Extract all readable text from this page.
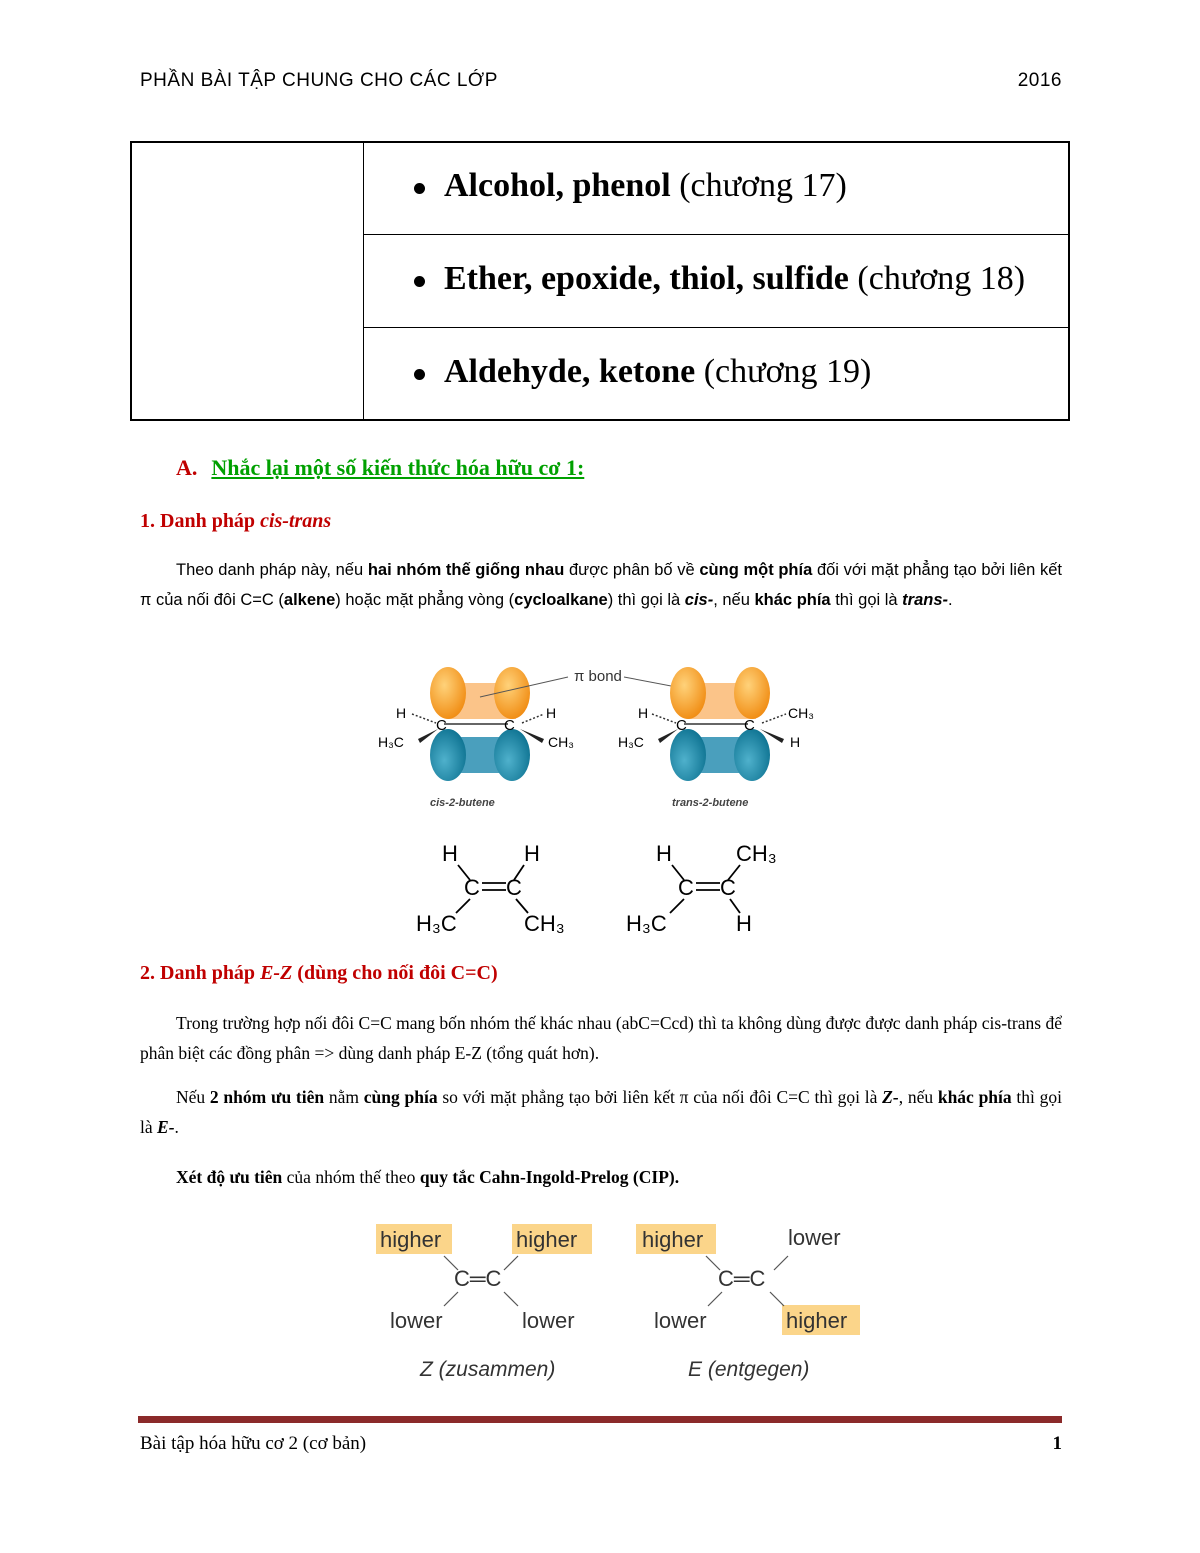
PHẦN BÀI TẬP CHUNG CHO CÁC LỚP	2016
Alcohol, phenol (chương 17)
Ether, epoxide, thiol, sulfide (chương 18)
Aldehyde, ketone (chương 19)
A. Nhắc lại một số kiến thức hóa hữu cơ 1:
1. Danh pháp cis-trans
Theo danh pháp này, nếu hai nhóm thế giống nhau được phân bố về cùng một phía đối với mặt phẳng tạo bởi liên kết π của nối đôi C=C (alkene) hoặc mặt phẳng vòng (cycloalkane) thì gọi là cis-, nếu khác phía thì gọi là trans-.
C	C
H	H
H₃C	CH₃
cis-2-butene
π bond
C	C
H	CH₃
H₃C	H
trans-2-butene
H	H
C C
H₃C	CH₃
H	CH₃
C C
H₃C	H
2. Danh pháp E-Z (dùng cho nối đôi C=C)
Trong trường hợp nối đôi C=C mang bốn nhóm thế khác nhau (abC=Ccd) thì ta không dùng được được danh pháp cis-trans để phân biệt các đồng phân => dùng danh pháp E-Z (tổng quát hơn).
Nếu 2 nhóm ưu tiên nằm cùng phía so với mặt phẳng tạo bởi liên kết π của nối đôi C=C thì gọi là Z-, nếu khác phía thì gọi là E-.
Xét độ ưu tiên của nhóm thế theo quy tắc Cahn-Ingold-Prelog (CIP).
higher	higher
C═C
lower	lower
Z (zusammen)
higher	lower
C═C
lower	higher
E (entgegen)
Bài tập hóa hữu cơ 2 (cơ bản)	1
